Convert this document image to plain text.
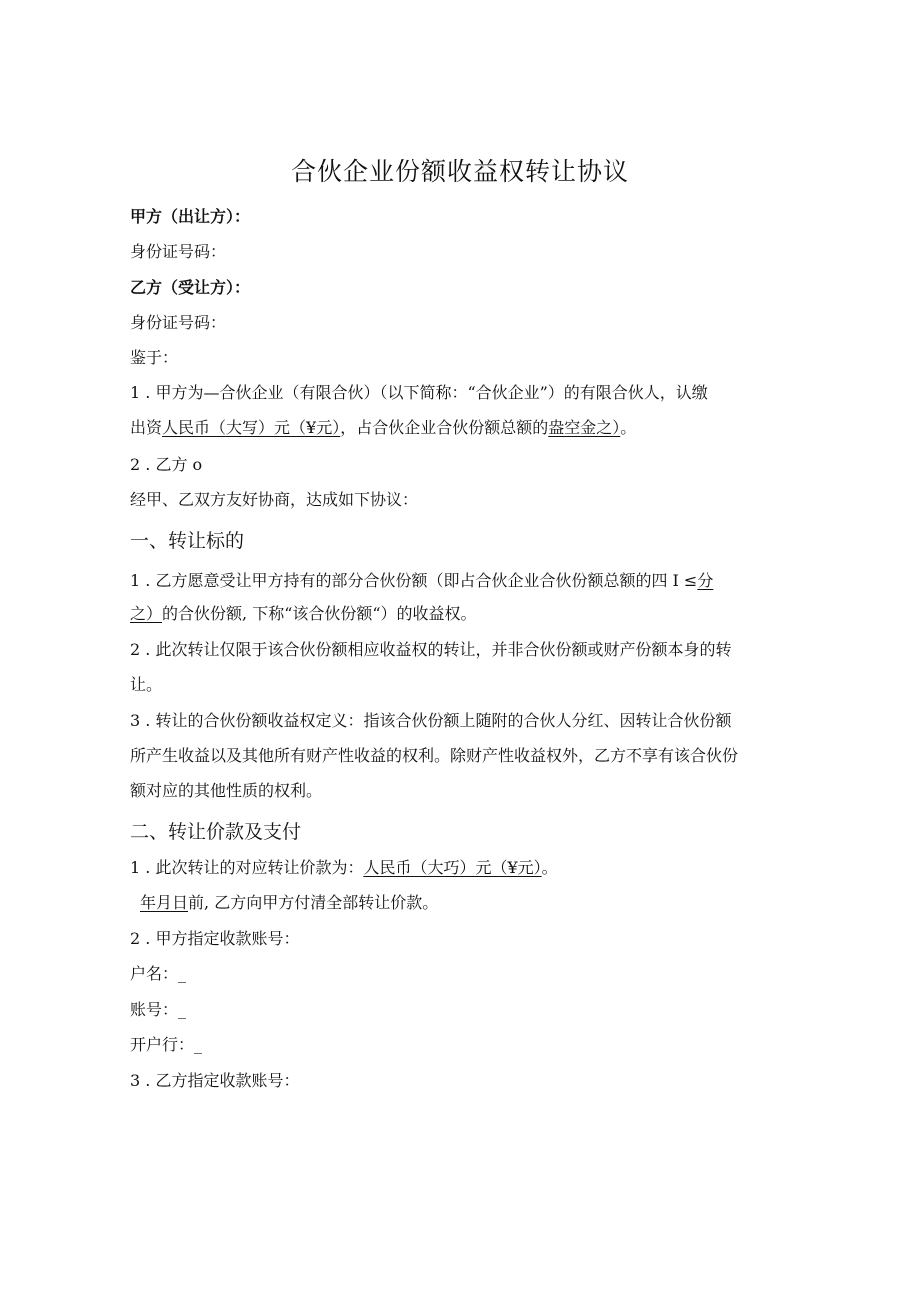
合伙企业份额收益权转让协议
甲方（出让方）：
身份证号码：
乙方（受让方）：
身份证号码：
鉴于：
1 . 甲方为—合伙企业（有限合伙）（以下简称：“合伙企业”）的有限合伙人，认缴
出资人民币（大写）元（¥元），占合伙企业合伙份额总额的盎空金之）。
2 . 乙方 o
经甲、乙双方友好协商，达成如下协议：
一、转让标的
1 . 乙方愿意受让甲方持有的部分合伙份额（即占合伙企业合伙份额总额的四 I ≤分
之）的合伙份额, 下称“该合伙份额“）的收益权。
2 . 此次转让仅限于该合伙份额相应收益权的转让，并非合伙份额或财产份额本身的转
让。
3 . 转让的合伙份额收益权定义：指该合伙份额上随附的合伙人分红、因转让合伙份额
所产生收益以及其他所有财产性收益的权利。除财产性收益权外，乙方不享有该合伙份
额对应的其他性质的权利。
二、转让价款及支付
1 . 此次转让的对应转让价款为：人民币（大巧）元（¥元）。
年月日前, 乙方向甲方付清全部转让价款。
2 . 甲方指定收款账号：
户名：_
账号：_
开户行：_
3 . 乙方指定收款账号：
